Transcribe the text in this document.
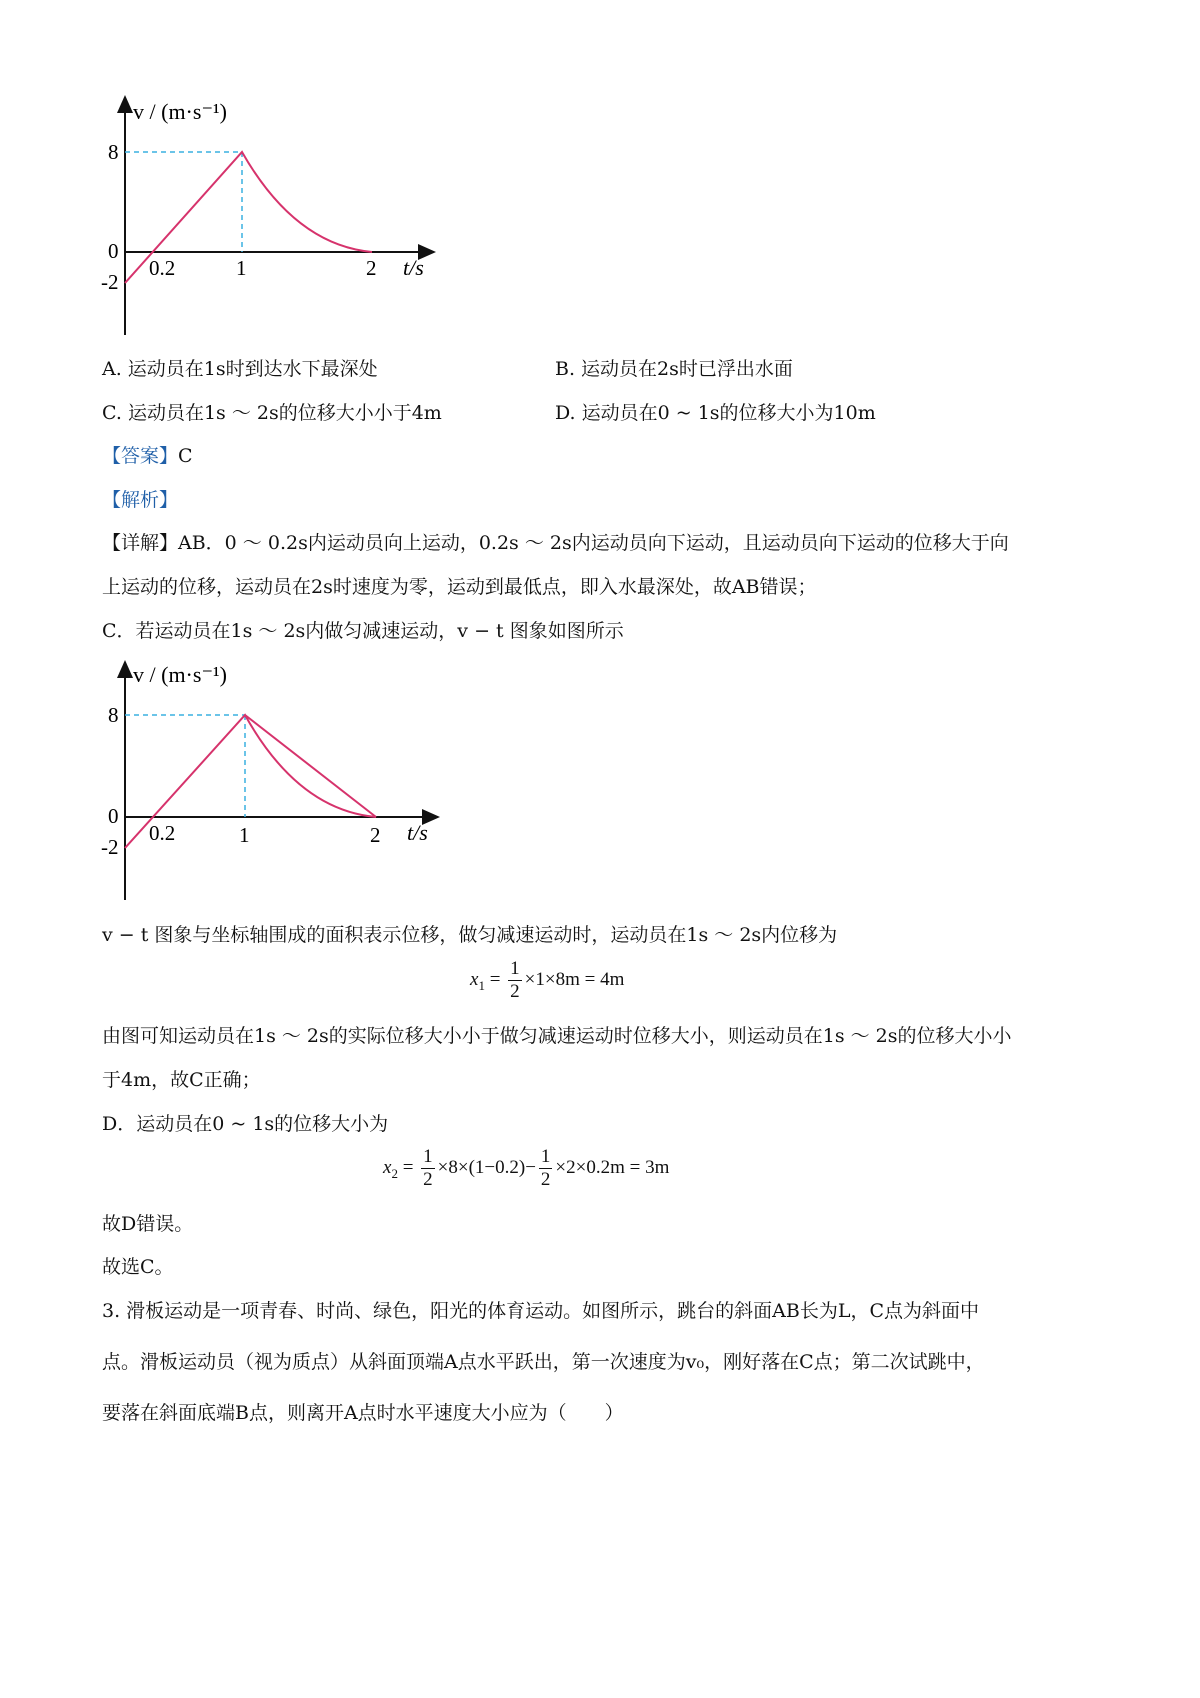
v / (m·s⁻¹)
8
0
-2
0.2	1	2 t/s
A. 运动员在1s时到达水下最深处	B. 运动员在2s时已浮出水面
C. 运动员在1s ～ 2s的位移大小小于4m	D. 运动员在0 ~ 1s的位移大小为10m
【答案】C
【解析】
【详解】AB．0 ～ 0.2s内运动员向上运动，0.2s ～ 2s内运动员向下运动，且运动员向下运动的位移大于向
上运动的位移，运动员在2s时速度为零，运动到最低点，即入水最深处，故AB错误；
C．若运动员在1s ～ 2s内做匀减速运动，v − t 图象如图所示
v / (m·s⁻¹)
8
0
-2
0.2	1	2 t/s
v − t 图象与坐标轴围成的面积表示位移，做匀减速运动时，运动员在1s ～ 2s内位移为
$x_1 = \frac{1}{2} \times 1\times 8m = 4m$
由图可知运动员在1s ～ 2s的实际位移大小小于做匀减速运动时位移大小，则运动员在1s ～ 2s的位移大小小
于4m，故C正确；
D．运动员在0 ~ 1s的位移大小为
$x_2 = \frac{1}{2} \times 8\times(1-0.2)- \frac{1}{2} \times 2\times 0.2m = 3m$
故D错误。
故选C。
3. 滑板运动是一项青春、时尚、绿色，阳光的体育运动。如图所示，跳台的斜面AB长为L，C点为斜面中
点。滑板运动员（视为质点）从斜面顶端A点水平跃出，第一次速度为v₀，刚好落在C点；第二次试跳中，
要落在斜面底端B点，则离开A点时水平速度大小应为（　　）
